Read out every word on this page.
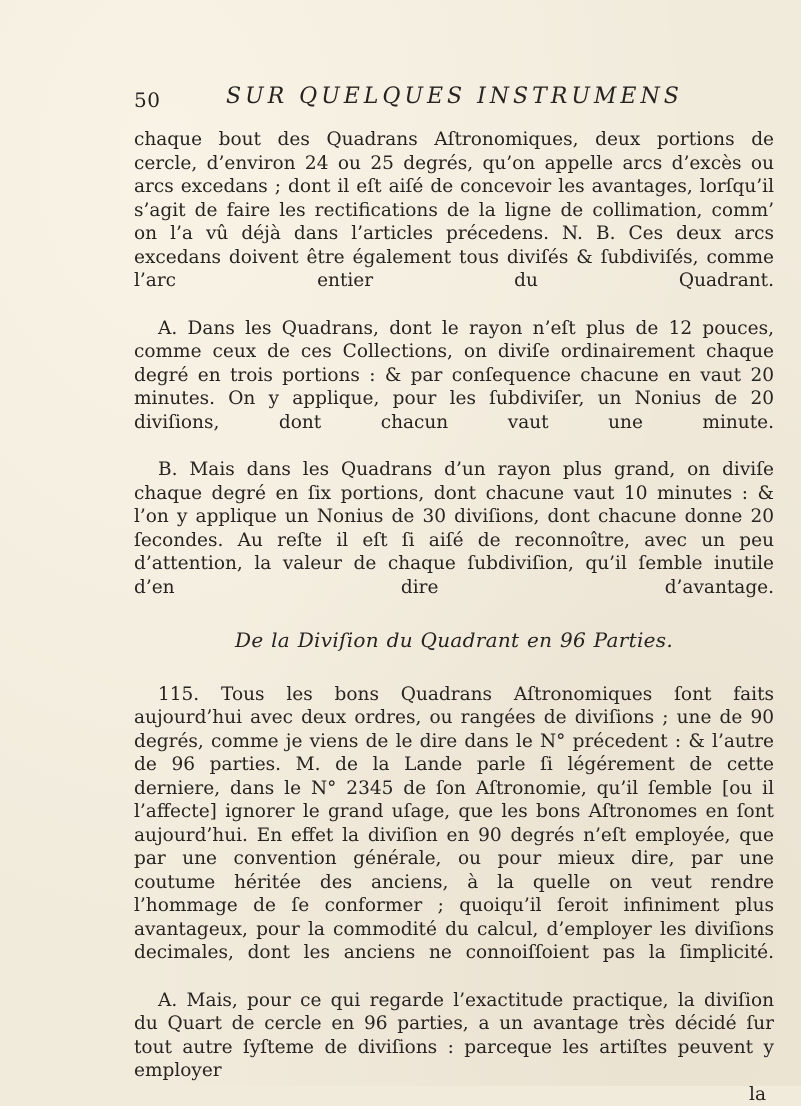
50	SUR QUELQUES INSTRUMENS

chaque bout des Quadrans Aſtronomiques, deux portions de cercle, d’environ 24 ou 25 degrés, qu’on appelle arcs d’excès ou arcs excedans ; dont il eſt aiſé de concevoir les avantages, lorſqu’il s’agit de faire les rectifications de la ligne de collimation, comm’ on l’a vû déjà dans l’articles précedens. N. B. Ces deux arcs excedans doivent être également tous diviſés & ſubdiviſés, comme l’arc entier du Quadrant.

A. Dans les Quadrans, dont le rayon n’eſt plus de 12 pouces, comme ceux de ces Collections, on diviſe ordinairement chaque degré en trois portions : & par conſequence chacune en vaut 20 minutes. On y applique, pour les ſubdiviſer, un Nonius de 20 diviſions, dont chacun vaut une minute.

B. Mais dans les Quadrans d’un rayon plus grand, on diviſe chaque degré en ſix portions, dont chacune vaut 10 minutes : & l’on y applique un Nonius de 30 diviſions, dont chacune donne 20 ſecondes. Au reſte il eſt ſi aiſé de reconnoître, avec un peu d’attention, la valeur de chaque ſubdiviſion, qu’il ſemble inutile d’en dire d’avantage.

De la Diviſion du Quadrant en 96 Parties.

115. Tous les bons Quadrans Aſtronomiques ſont faits aujourd’hui avec deux ordres, ou rangées de diviſions ; une de 90 degrés, comme je viens de le dire dans le N° précedent : & l’autre de 96 parties. M. de la Lande parle ſi légérement de cette derniere, dans le N° 2345 de ſon Aſtronomie, qu’il ſemble [ou il l’affecte] ignorer le grand uſage, que les bons Aſtronomes en ſont aujourd’hui. En effet la diviſion en 90 degrés n’eſt employée, que par une convention générale, ou pour mieux dire, par une coutume héritée des anciens, à la quelle on veut rendre l’hommage de ſe conformer ; quoiqu’il ſeroit infiniment plus avantageux, pour la commodité du calcul, d’employer les diviſions decimales, dont les anciens ne connoiſſoient pas la ſimplicité.

A. Mais, pour ce qui regarde l’exactitude practique, la diviſion du Quart de cercle en 96 parties, a un avantage très décidé ſur tout autre ſyſteme de diviſions : parceque les artiſtes peuvent y employer

la
